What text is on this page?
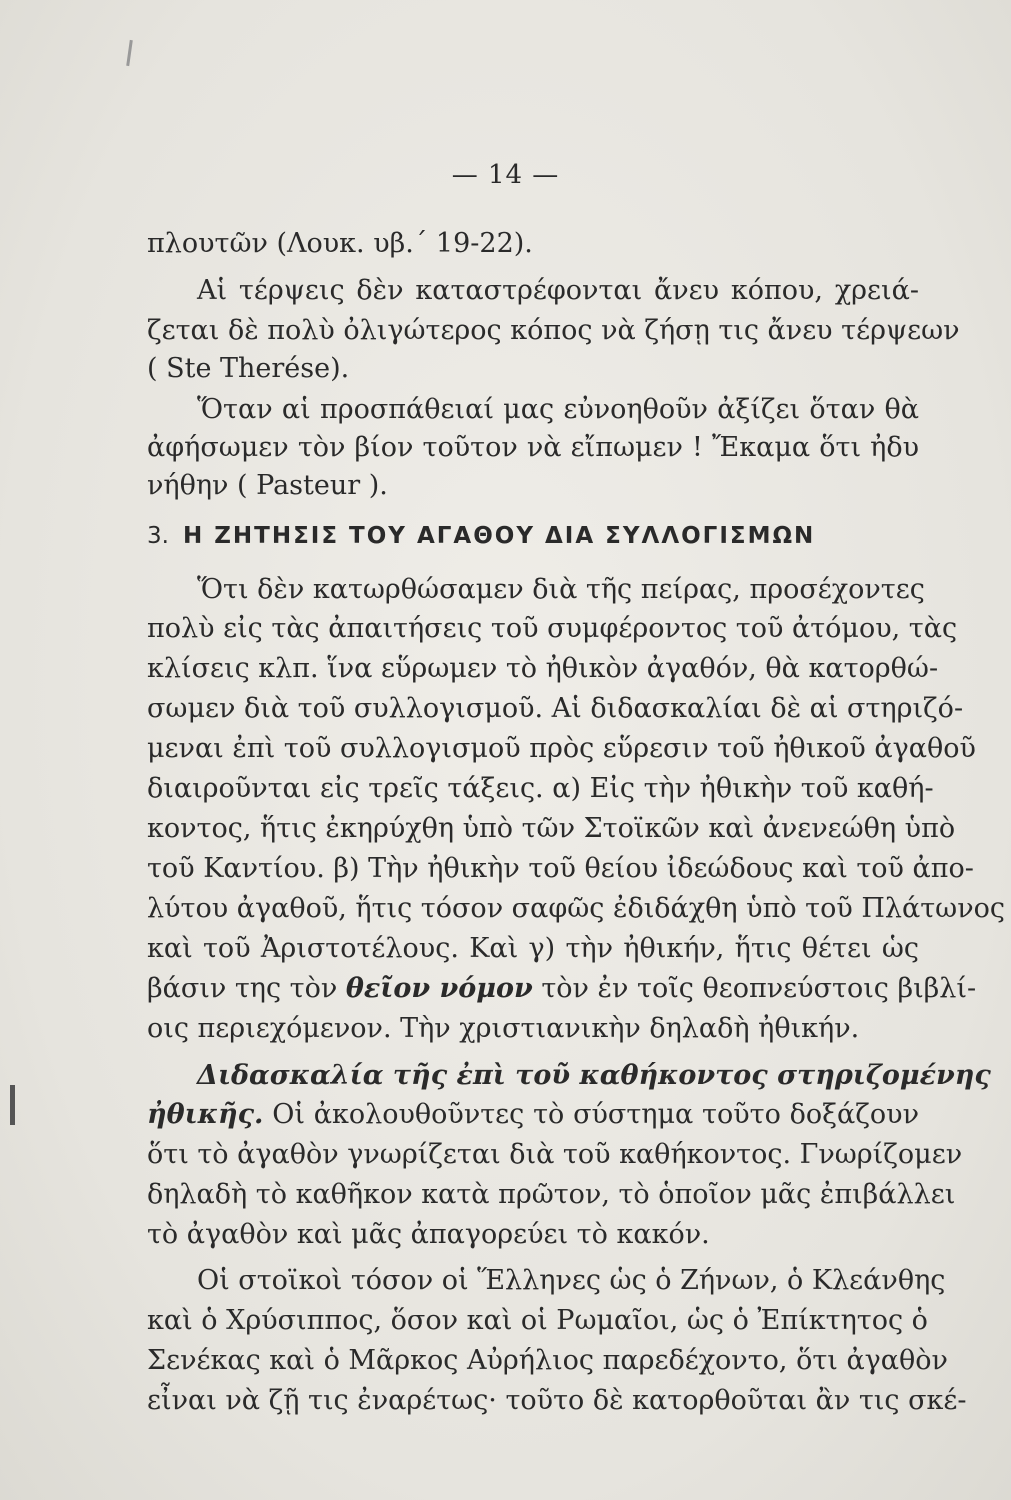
— 14 —
πλουτῶν (Λουκ. υβ.΄ 19-22).
Αἱ τέρψεις δὲν καταστρέφονται ἄνευ κόπου, χρειά-
ζεται δὲ πολὺ ὀλιγώτερος κόπος νὰ ζήσῃ τις ἄνευ τέρψεων
( Ste Therése).
Ὅταν αἱ προσπάθειαί μας εὐνοηθοῦν ἀξίζει ὅταν θὰ
ἀφήσωμεν τὸν βίον τοῦτον νὰ εἴπωμεν ! Ἔκαμα ὅτι ἠδυ
νήθην ( Pasteur ).
3. Η ΖΗΤΗΣΙΣ ΤΟΥ ΑΓΑΘΟΥ ΔΙΑ ΣΥΛΛΟΓΙΣΜΩΝ
Ὅτι δὲν κατωρθώσαμεν διὰ τῆς πείρας, προσέχοντες
πολὺ εἰς τὰς ἀπαιτήσεις τοῦ συμφέροντος τοῦ ἀτόμου, τὰς
κλίσεις κλπ. ἵνα εὕρωμεν τὸ ἠθικὸν ἀγαθόν, θὰ κατορθώ-
σωμεν διὰ τοῦ συλλογισμοῦ. Αἱ διδασκαλίαι δὲ αἱ στηριζό-
μεναι ἐπὶ τοῦ συλλογισμοῦ πρὸς εὕρεσιν τοῦ ἠθικοῦ ἀγαθοῦ
διαιροῦνται εἰς τρεῖς τάξεις. α) Εἰς τὴν ἠθικὴν τοῦ καθή-
κοντος, ἥτις ἐκηρύχθη ὑπὸ τῶν Στοϊκῶν καὶ ἀνενεώθη ὑπὸ
τοῦ Καντίου. β) Τὴν ἠθικὴν τοῦ θείου ἰδεώδους καὶ τοῦ ἀπο-
λύτου ἀγαθοῦ, ἥτις τόσον σαφῶς ἐδιδάχθη ὑπὸ τοῦ Πλάτωνος
καὶ τοῦ Ἀριστοτέλους. Καὶ γ) τὴν ἠθικήν, ἥτις θέτει ὡς
βάσιν της τὸν θεῖον νόμον τὸν ἐν τοῖς θεοπνεύστοις βιβλί-
οις περιεχόμενον. Τὴν χριστιανικὴν δηλαδὴ ἠθικήν.
Διδασκαλία τῆς ἐπὶ τοῦ καθήκοντος στηριζομένης
ἠθικῆς. Οἱ ἀκολουθοῦντες τὸ σύστημα τοῦτο δοξάζουν
ὅτι τὸ ἀγαθὸν γνωρίζεται διὰ τοῦ καθήκοντος. Γνωρίζομεν
δηλαδὴ τὸ καθῆκον κατὰ πρῶτον, τὸ ὁποῖον μᾶς ἐπιβάλλει
τὸ ἀγαθὸν καὶ μᾶς ἀπαγορεύει τὸ κακόν.
Οἱ στοϊκοὶ τόσον οἱ Ἕλληνες ὡς ὁ Ζήνων, ὁ Κλεάνθης
καὶ ὁ Χρύσιππος, ὅσον καὶ οἱ Ρωμαῖοι, ὡς ὁ Ἐπίκτητος ὁ
Σενέκας καὶ ὁ Μᾶρκος Αὐρήλιος παρεδέχοντο, ὅτι ἀγαθὸν
εἶναι νὰ ζῇ τις ἐναρέτως· τοῦτο δὲ κατορθοῦται ἂν τις σκέ-
